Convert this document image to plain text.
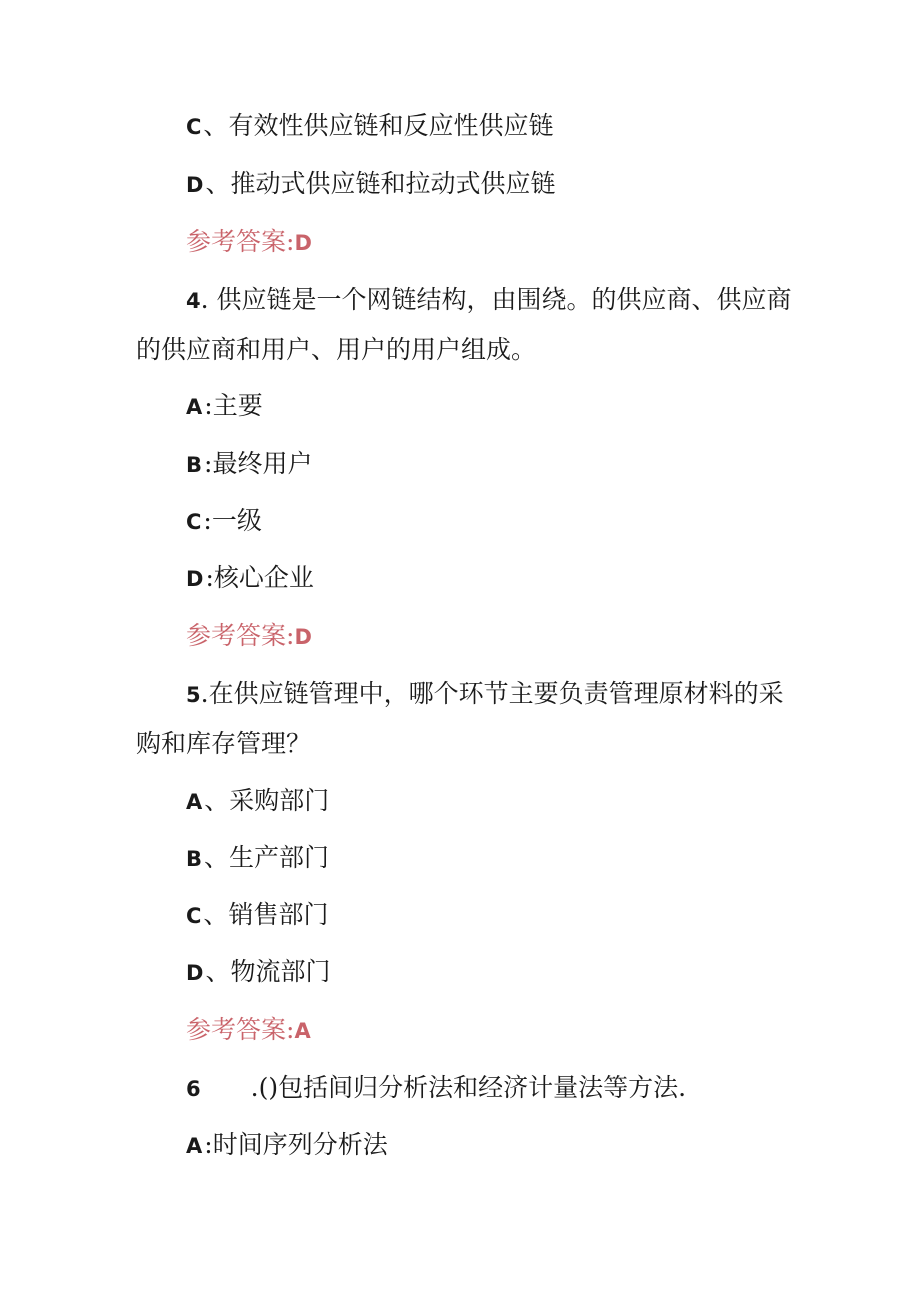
C、有效性供应链和反应性供应链
D、推动式供应链和拉动式供应链
参考答案:D
4. 供应链是一个网链结构，由围绕。的供应商、供应商
的供应商和用户、用户的用户组成。
A:主要
B:最终用户
C:一级
D:核心企业
参考答案:D
5.在供应链管理中，哪个环节主要负责管理原材料的采
购和库存管理？
A、采购部门
B、生产部门
C、销售部门
D、物流部门
参考答案:A
6 .()包括间归分析法和经济计量法等方法.
A:时间序列分析法
